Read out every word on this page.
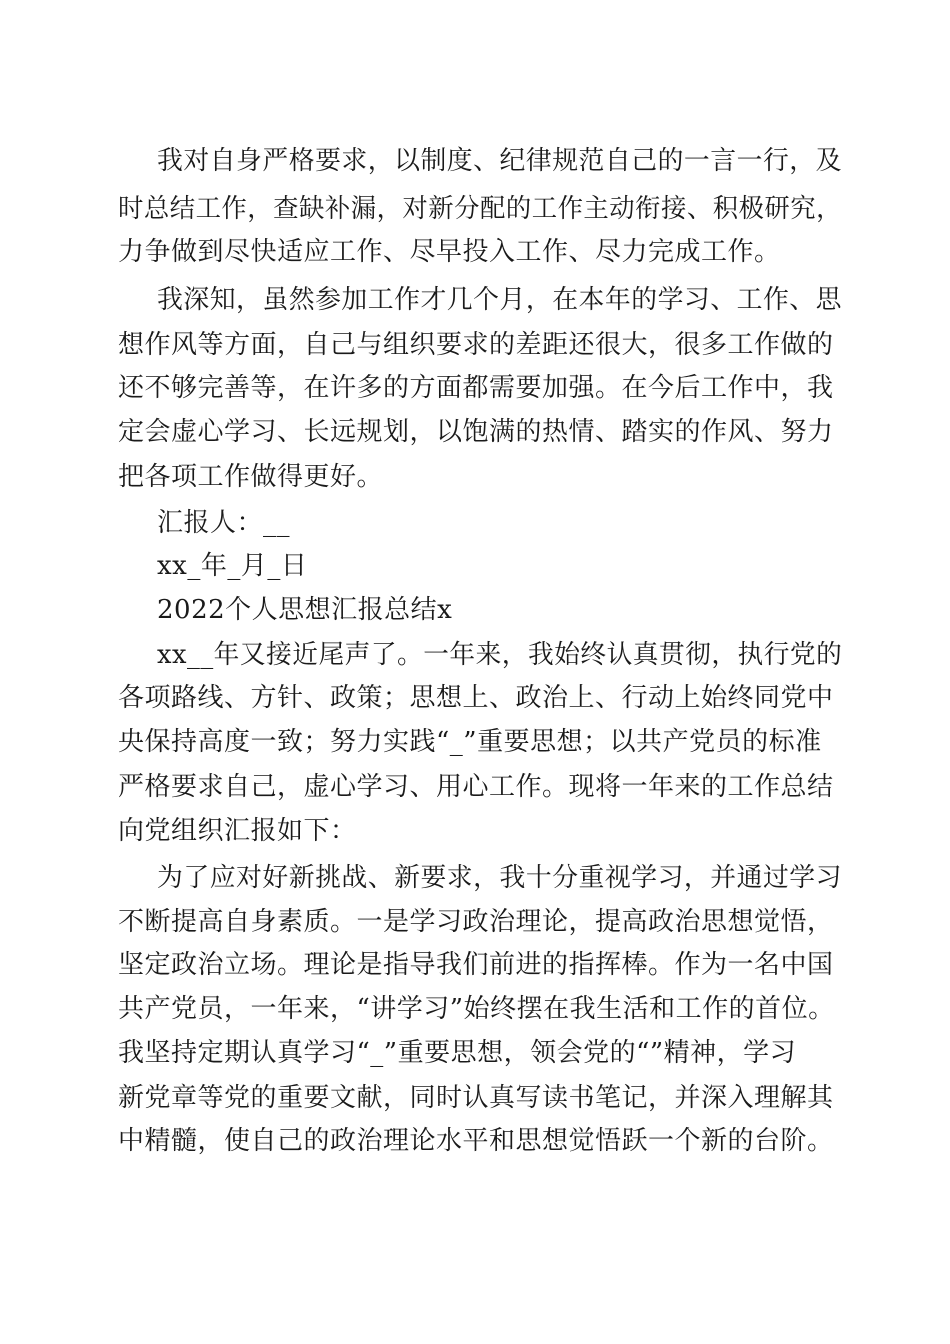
我对自身严格要求，以制度、纪律规范自己的一言一行，及
时总结工作，查缺补漏，对新分配的工作主动衔接、积极研究，
力争做到尽快适应工作、尽早投入工作、尽力完成工作。
我深知，虽然参加工作才几个月，在本年的学习、工作、思
想作风等方面，自己与组织要求的差距还很大，很多工作做的
还不够完善等，在许多的方面都需要加强。在今后工作中，我
定会虚心学习、长远规划，以饱满的热情、踏实的作风、努力
把各项工作做得更好。
汇报人：__
xx_年_月_日
2022个人思想汇报总结x
xx__年又接近尾声了。一年来，我始终认真贯彻，执行党的
各项路线、方针、政策；思想上、政治上、行动上始终同党中
央保持高度一致；努力实践“_”重要思想；以共产党员的标准
严格要求自己，虚心学习、用心工作。现将一年来的工作总结
向党组织汇报如下：
为了应对好新挑战、新要求，我十分重视学习，并通过学习
不断提高自身素质。一是学习政治理论，提高政治思想觉悟，
坚定政治立场。理论是指导我们前进的指挥棒。作为一名中国
共产党员，一年来，“讲学习”始终摆在我生活和工作的首位。
我坚持定期认真学习“_”重要思想，领会党的“”精神，学习
新党章等党的重要文献，同时认真写读书笔记，并深入理解其
中精髓，使自己的政治理论水平和思想觉悟跃一个新的台阶。
